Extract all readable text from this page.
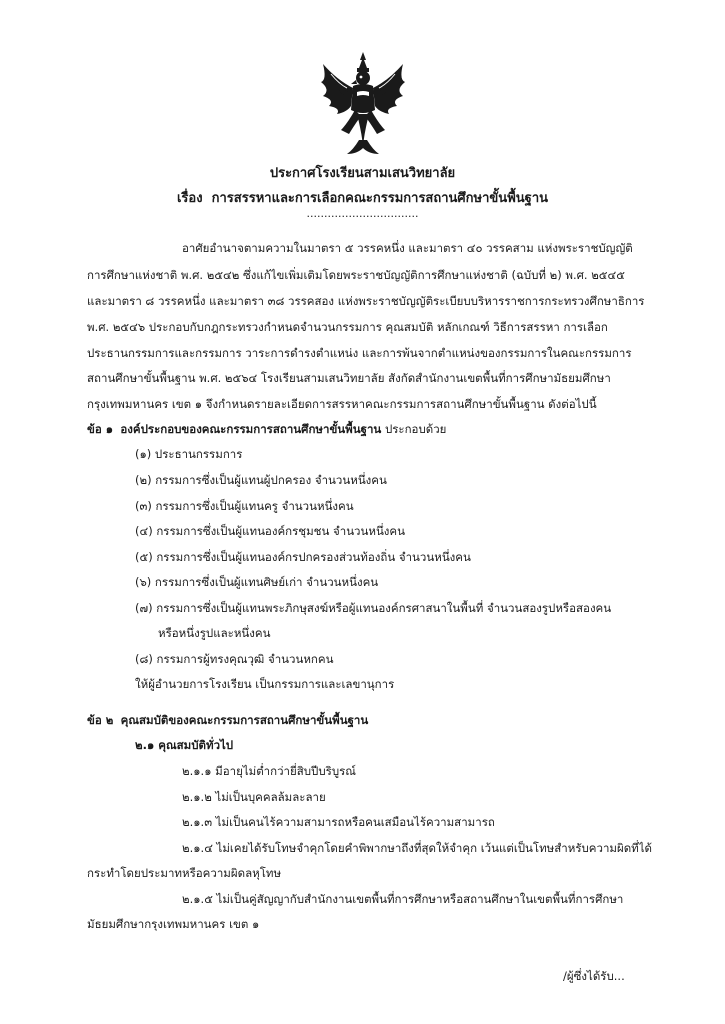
ประกาศโรงเรียนสามเสนวิทยาลัย
เรื่อง การสรรหาและการเลือกคณะกรรมการสถานศึกษาขั้นพื้นฐาน
................................
อาศัยอำนาจตามความในมาตรา ๕ วรรคหนึ่ง และมาตรา ๔๐ วรรคสาม แห่งพระราชบัญญัติ
การศึกษาแห่งชาติ พ.ศ. ๒๕๔๒ ซึ่งแก้ไขเพิ่มเติมโดยพระราชบัญญัติการศึกษาแห่งชาติ (ฉบับที่ ๒) พ.ศ. ๒๕๔๕
และมาตรา ๘ วรรคหนึ่ง และมาตรา ๓๘ วรรคสอง แห่งพระราชบัญญัติระเบียบบริหารราชการกระทรวงศึกษาธิการ
พ.ศ. ๒๕๔๖ ประกอบกับกฎกระทรวงกำหนดจำนวนกรรมการ คุณสมบัติ หลักเกณฑ์ วิธีการสรรหา การเลือก
ประธานกรรมการและกรรมการ วาระการดำรงตำแหน่ง และการพ้นจากตำแหน่งของกรรมการในคณะกรรมการ
สถานศึกษาขั้นพื้นฐาน พ.ศ. ๒๕๖๔ โรงเรียนสามเสนวิทยาลัย สังกัดสำนักงานเขตพื้นที่การศึกษามัธยมศึกษา
กรุงเทพมหานคร เขต ๑ จึงกำหนดรายละเอียดการสรรหาคณะกรรมการสถานศึกษาขั้นพื้นฐาน ดังต่อไปนี้
ข้อ ๑ องค์ประกอบของคณะกรรมการสถานศึกษาขั้นพื้นฐาน ประกอบด้วย
(๑) ประธานกรรมการ
(๒) กรรมการซึ่งเป็นผู้แทนผู้ปกครอง จำนวนหนึ่งคน
(๓) กรรมการซึ่งเป็นผู้แทนครู จำนวนหนึ่งคน
(๔) กรรมการซึ่งเป็นผู้แทนองค์กรชุมชน จำนวนหนึ่งคน
(๕) กรรมการซึ่งเป็นผู้แทนองค์กรปกครองส่วนท้องถิ่น จำนวนหนึ่งคน
(๖) กรรมการซึ่งเป็นผู้แทนศิษย์เก่า จำนวนหนึ่งคน
(๗) กรรมการซึ่งเป็นผู้แทนพระภิกษุสงฆ์หรือผู้แทนองค์กรศาสนาในพื้นที่ จำนวนสองรูปหรือสองคน
หรือหนึ่งรูปและหนึ่งคน
(๘) กรรมการผู้ทรงคุณวุฒิ จำนวนหกคน
ให้ผู้อำนวยการโรงเรียน เป็นกรรมการและเลขานุการ
ข้อ ๒ คุณสมบัติของคณะกรรมการสถานศึกษาขั้นพื้นฐาน
๒.๑ คุณสมบัติทั่วไป
๒.๑.๑ มีอายุไม่ต่ำกว่ายี่สิบปีบริบูรณ์
๒.๑.๒ ไม่เป็นบุคคลล้มละลาย
๒.๑.๓ ไม่เป็นคนไร้ความสามารถหรือคนเสมือนไร้ความสามารถ
๒.๑.๔ ไม่เคยได้รับโทษจำคุกโดยคำพิพากษาถึงที่สุดให้จำคุก เว้นแต่เป็นโทษสำหรับความผิดที่ได้
กระทำโดยประมาทหรือความผิดลหุโทษ
๒.๑.๕ ไม่เป็นคู่สัญญากับสำนักงานเขตพื้นที่การศึกษาหรือสถานศึกษาในเขตพื้นที่การศึกษา
มัธยมศึกษากรุงเทพมหานคร เขต ๑
/ผู้ซึ่งได้รับ...
